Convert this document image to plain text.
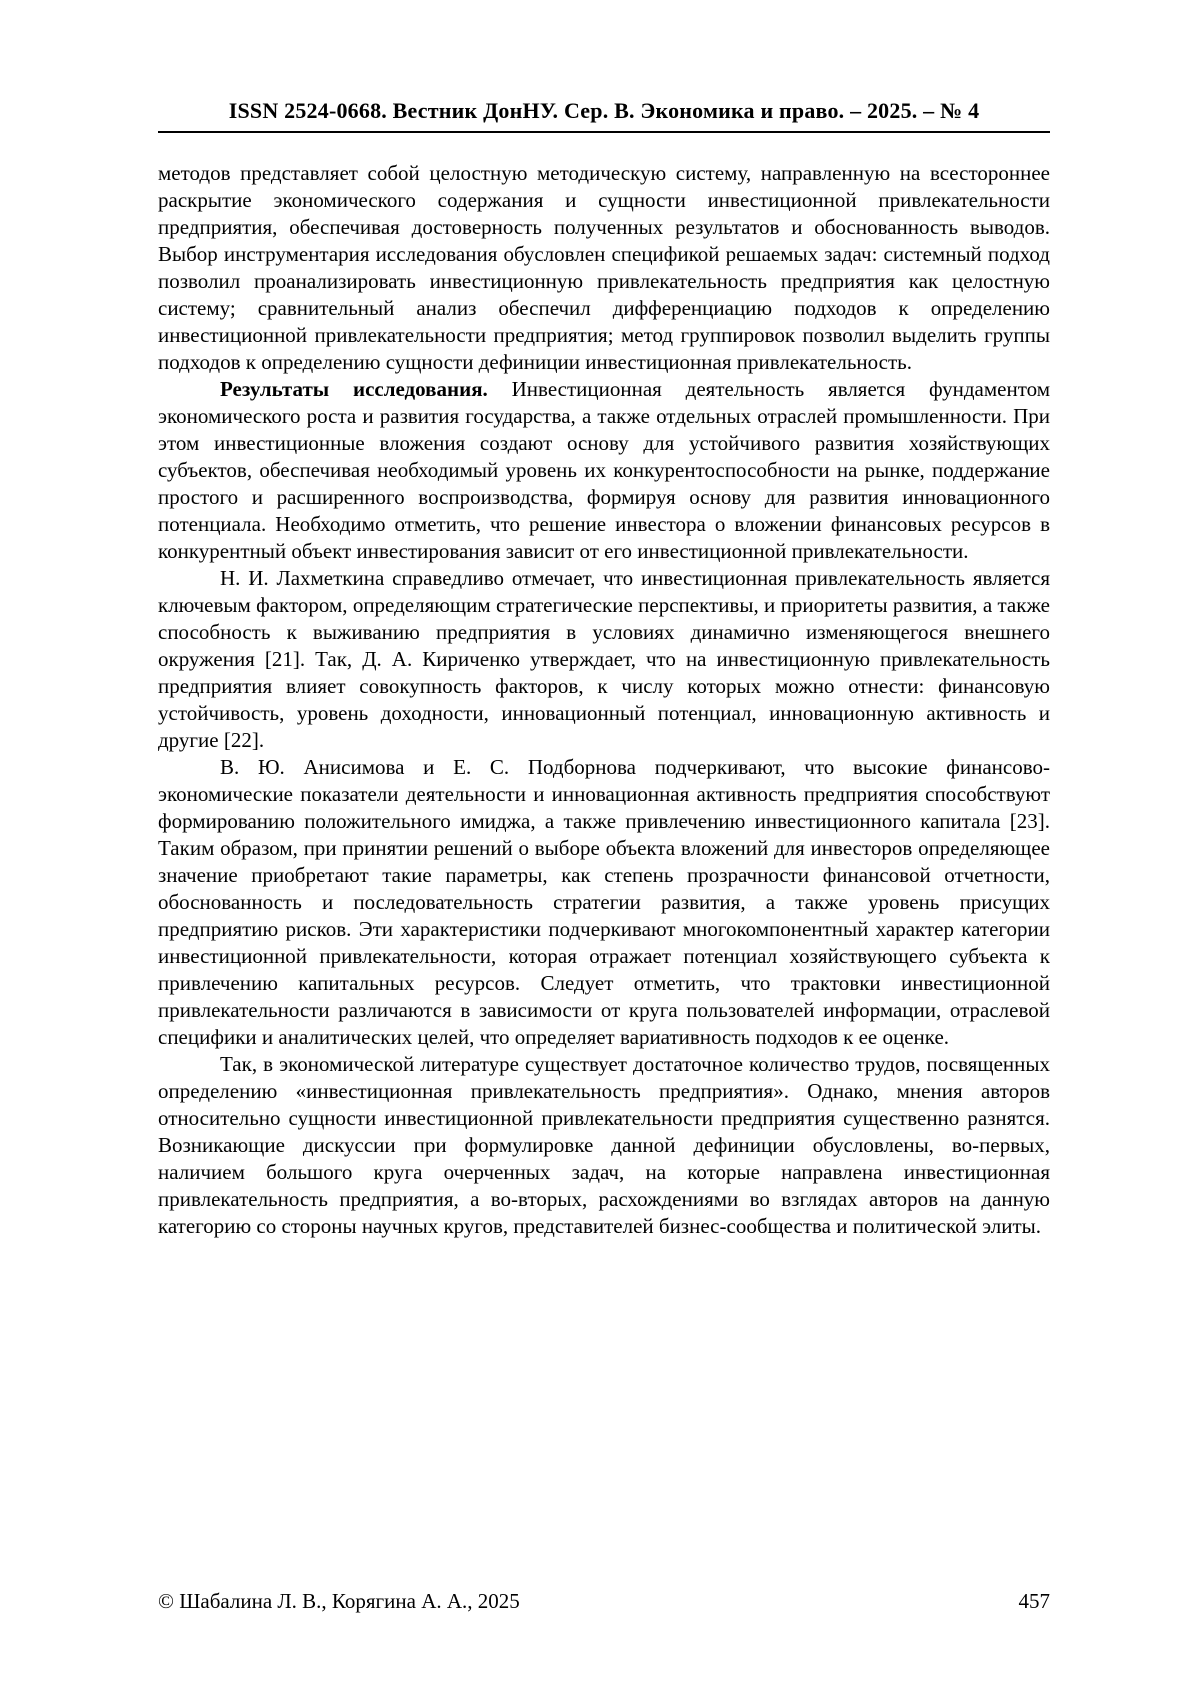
ISSN 2524-0668. Вестник ДонНУ. Сер. В. Экономика и право. – 2025. – № 4

методов представляет собой целостную методическую систему, направленную на всестороннее раскрытие экономического содержания и сущности инвестиционной привлекательности предприятия, обеспечивая достоверность полученных результатов и обоснованность выводов. Выбор инструментария исследования обусловлен спецификой решаемых задач: системный подход позволил проанализировать инвестиционную привлекательность предприятия как целостную систему; сравнительный анализ обеспечил дифференциацию подходов к определению инвестиционной привлекательности предприятия; метод группировок позволил выделить группы подходов к определению сущности дефиниции инвестиционная привлекательность.

Результаты исследования. Инвестиционная деятельность является фундаментом экономического роста и развития государства, а также отдельных отраслей промышленности. При этом инвестиционные вложения создают основу для устойчивого развития хозяйствующих субъектов, обеспечивая необходимый уровень их конкурентоспособности на рынке, поддержание простого и расширенного воспроизводства, формируя основу для развития инновационного потенциала. Необходимо отметить, что решение инвестора о вложении финансовых ресурсов в конкурентный объект инвестирования зависит от его инвестиционной привлекательности.

Н. И. Лахметкина справедливо отмечает, что инвестиционная привлекательность является ключевым фактором, определяющим стратегические перспективы, и приоритеты развития, а также способность к выживанию предприятия в условиях динамично изменяющегося внешнего окружения [21]. Так, Д. А. Кириченко утверждает, что на инвестиционную привлекательность предприятия влияет совокупность факторов, к числу которых можно отнести: финансовую устойчивость, уровень доходности, инновационный потенциал, инновационную активность и другие [22].

В. Ю. Анисимова и Е. С. Подборнова подчеркивают, что высокие финансово-экономические показатели деятельности и инновационная активность предприятия способствуют формированию положительного имиджа, а также привлечению инвестиционного капитала [23]. Таким образом, при принятии решений о выборе объекта вложений для инвесторов определяющее значение приобретают такие параметры, как степень прозрачности финансовой отчетности, обоснованность и последовательность стратегии развития, а также уровень присущих предприятию рисков. Эти характеристики подчеркивают многокомпонентный характер категории инвестиционной привлекательности, которая отражает потенциал хозяйствующего субъекта к привлечению капитальных ресурсов. Следует отметить, что трактовки инвестиционной привлекательности различаются в зависимости от круга пользователей информации, отраслевой специфики и аналитических целей, что определяет вариативность подходов к ее оценке.

Так, в экономической литературе существует достаточное количество трудов, посвященных определению «инвестиционная привлекательность предприятия». Однако, мнения авторов относительно сущности инвестиционной привлекательности предприятия существенно разнятся. Возникающие дискуссии при формулировке данной дефиниции обусловлены, во-первых, наличием большого круга очерченных задач, на которые направлена инвестиционная привлекательность предприятия, а во-вторых, расхождениями во взглядах авторов на данную категорию со стороны научных кругов, представителей бизнес-сообщества и политической элиты.

© Шабалина Л. В., Корягина А. А., 2025	457
